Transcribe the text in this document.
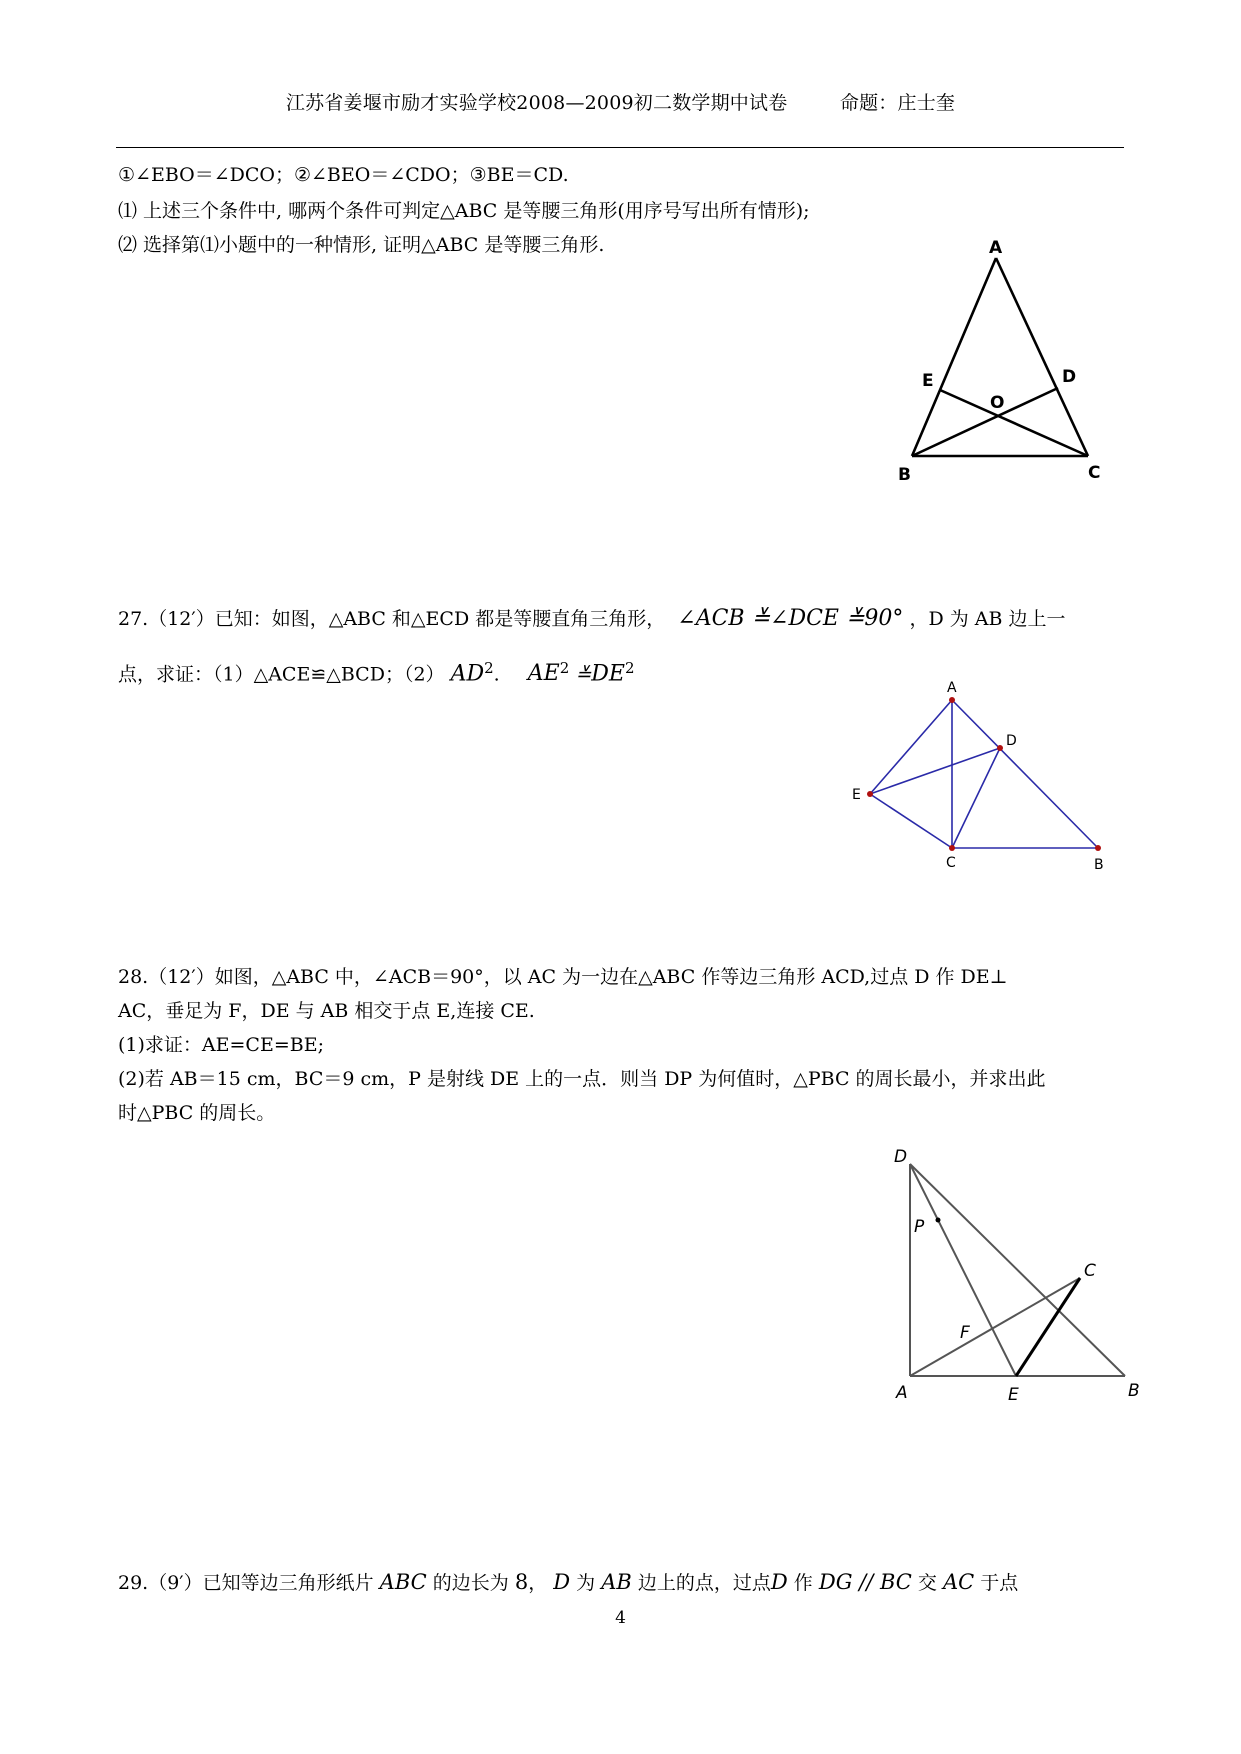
江苏省姜堰市励才实验学校2008—2009初二数学期中试卷	命题：庄士奎
①∠EBO＝∠DCO；②∠BEO＝∠CDO；③BE＝CD.
⑴ 上述三个条件中, 哪两个条件可判定△ABC 是等腰三角形(用序号写出所有情形);
⑵ 选择第⑴小题中的一种情形, 证明△ABC 是等腰三角形.	A
B	C
D
E
O
27.（12′）已知：如图，△ABC 和△ECD 都是等腰直角三角形， ∠ACB ≚∠DCE ≚90° ，D 为 AB 边上一
点，求证：（1）△ACE≌△BCD；（2） $AD^2$. $AE^2$ $≚DE^2$
A
D
E
C	B
28.（12′）如图，△ABC 中，∠ACB＝90°，以 AC 为一边在△ABC 作等边三角形 ACD,过点 D 作 DE⊥
AC，垂足为 F，DE 与 AB 相交于点 E,连接 CE.
(1)求证：AE=CE=BE;
(2)若 AB＝15 cm，BC＝9 cm，P 是射线 DE 上的一点．则当 DP 为何值时，△PBC 的周长最小，并求出此
时△PBC 的周长。
D
P
C
F
A	E	B
29.（9′）已知等边三角形纸片 ABC 的边长为 8， D 为 AB 边上的点，过点D 作 DG // BC 交 AC 于点
4
